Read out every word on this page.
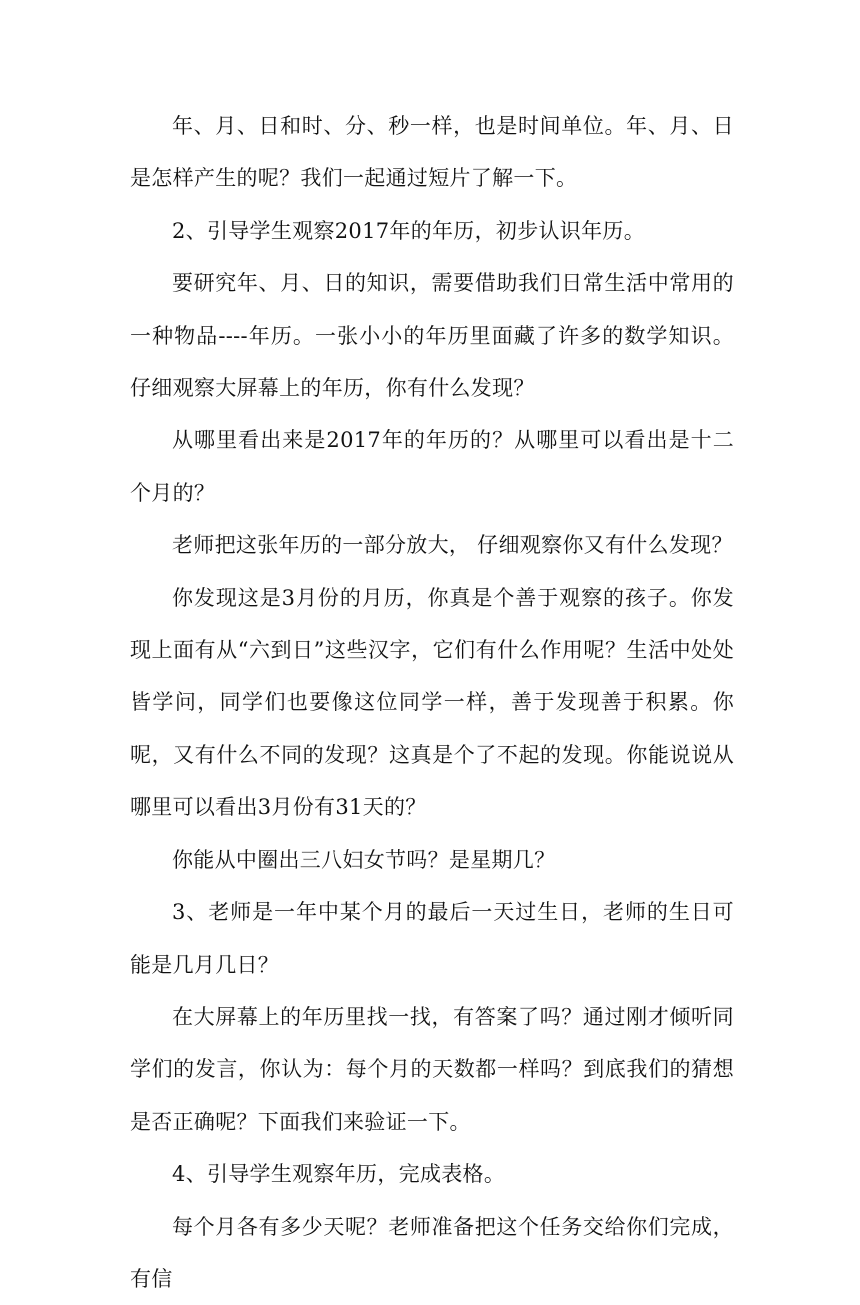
年、月、日和时、分、秒一样，也是时间单位。年、月、日是怎样产生的呢？我们一起通过短片了解一下。

2、引导学生观察2017年的年历，初步认识年历。

要研究年、月、日的知识，需要借助我们日常生活中常用的一种物品----年历。一张小小的年历里面藏了许多的数学知识。仔细观察大屏幕上的年历，你有什么发现？

从哪里看出来是2017年的年历的？从哪里可以看出是十二个月的？

老师把这张年历的一部分放大， 仔细观察你又有什么发现？

你发现这是3月份的月历，你真是个善于观察的孩子。你发现上面有从“六到日”这些汉字，它们有什么作用呢？生活中处处皆学问，同学们也要像这位同学一样，善于发现善于积累。你呢，又有什么不同的发现？这真是个了不起的发现。你能说说从哪里可以看出3月份有31天的？

你能从中圈出三八妇女节吗？是星期几？

3、老师是一年中某个月的最后一天过生日，老师的生日可能是几月几日？

在大屏幕上的年历里找一找，有答案了吗？通过刚才倾听同学们的发言，你认为：每个月的天数都一样吗？到底我们的猜想是否正确呢？下面我们来验证一下。

4、引导学生观察年历，完成表格。

每个月各有多少天呢？老师准备把这个任务交给你们完成，有信
